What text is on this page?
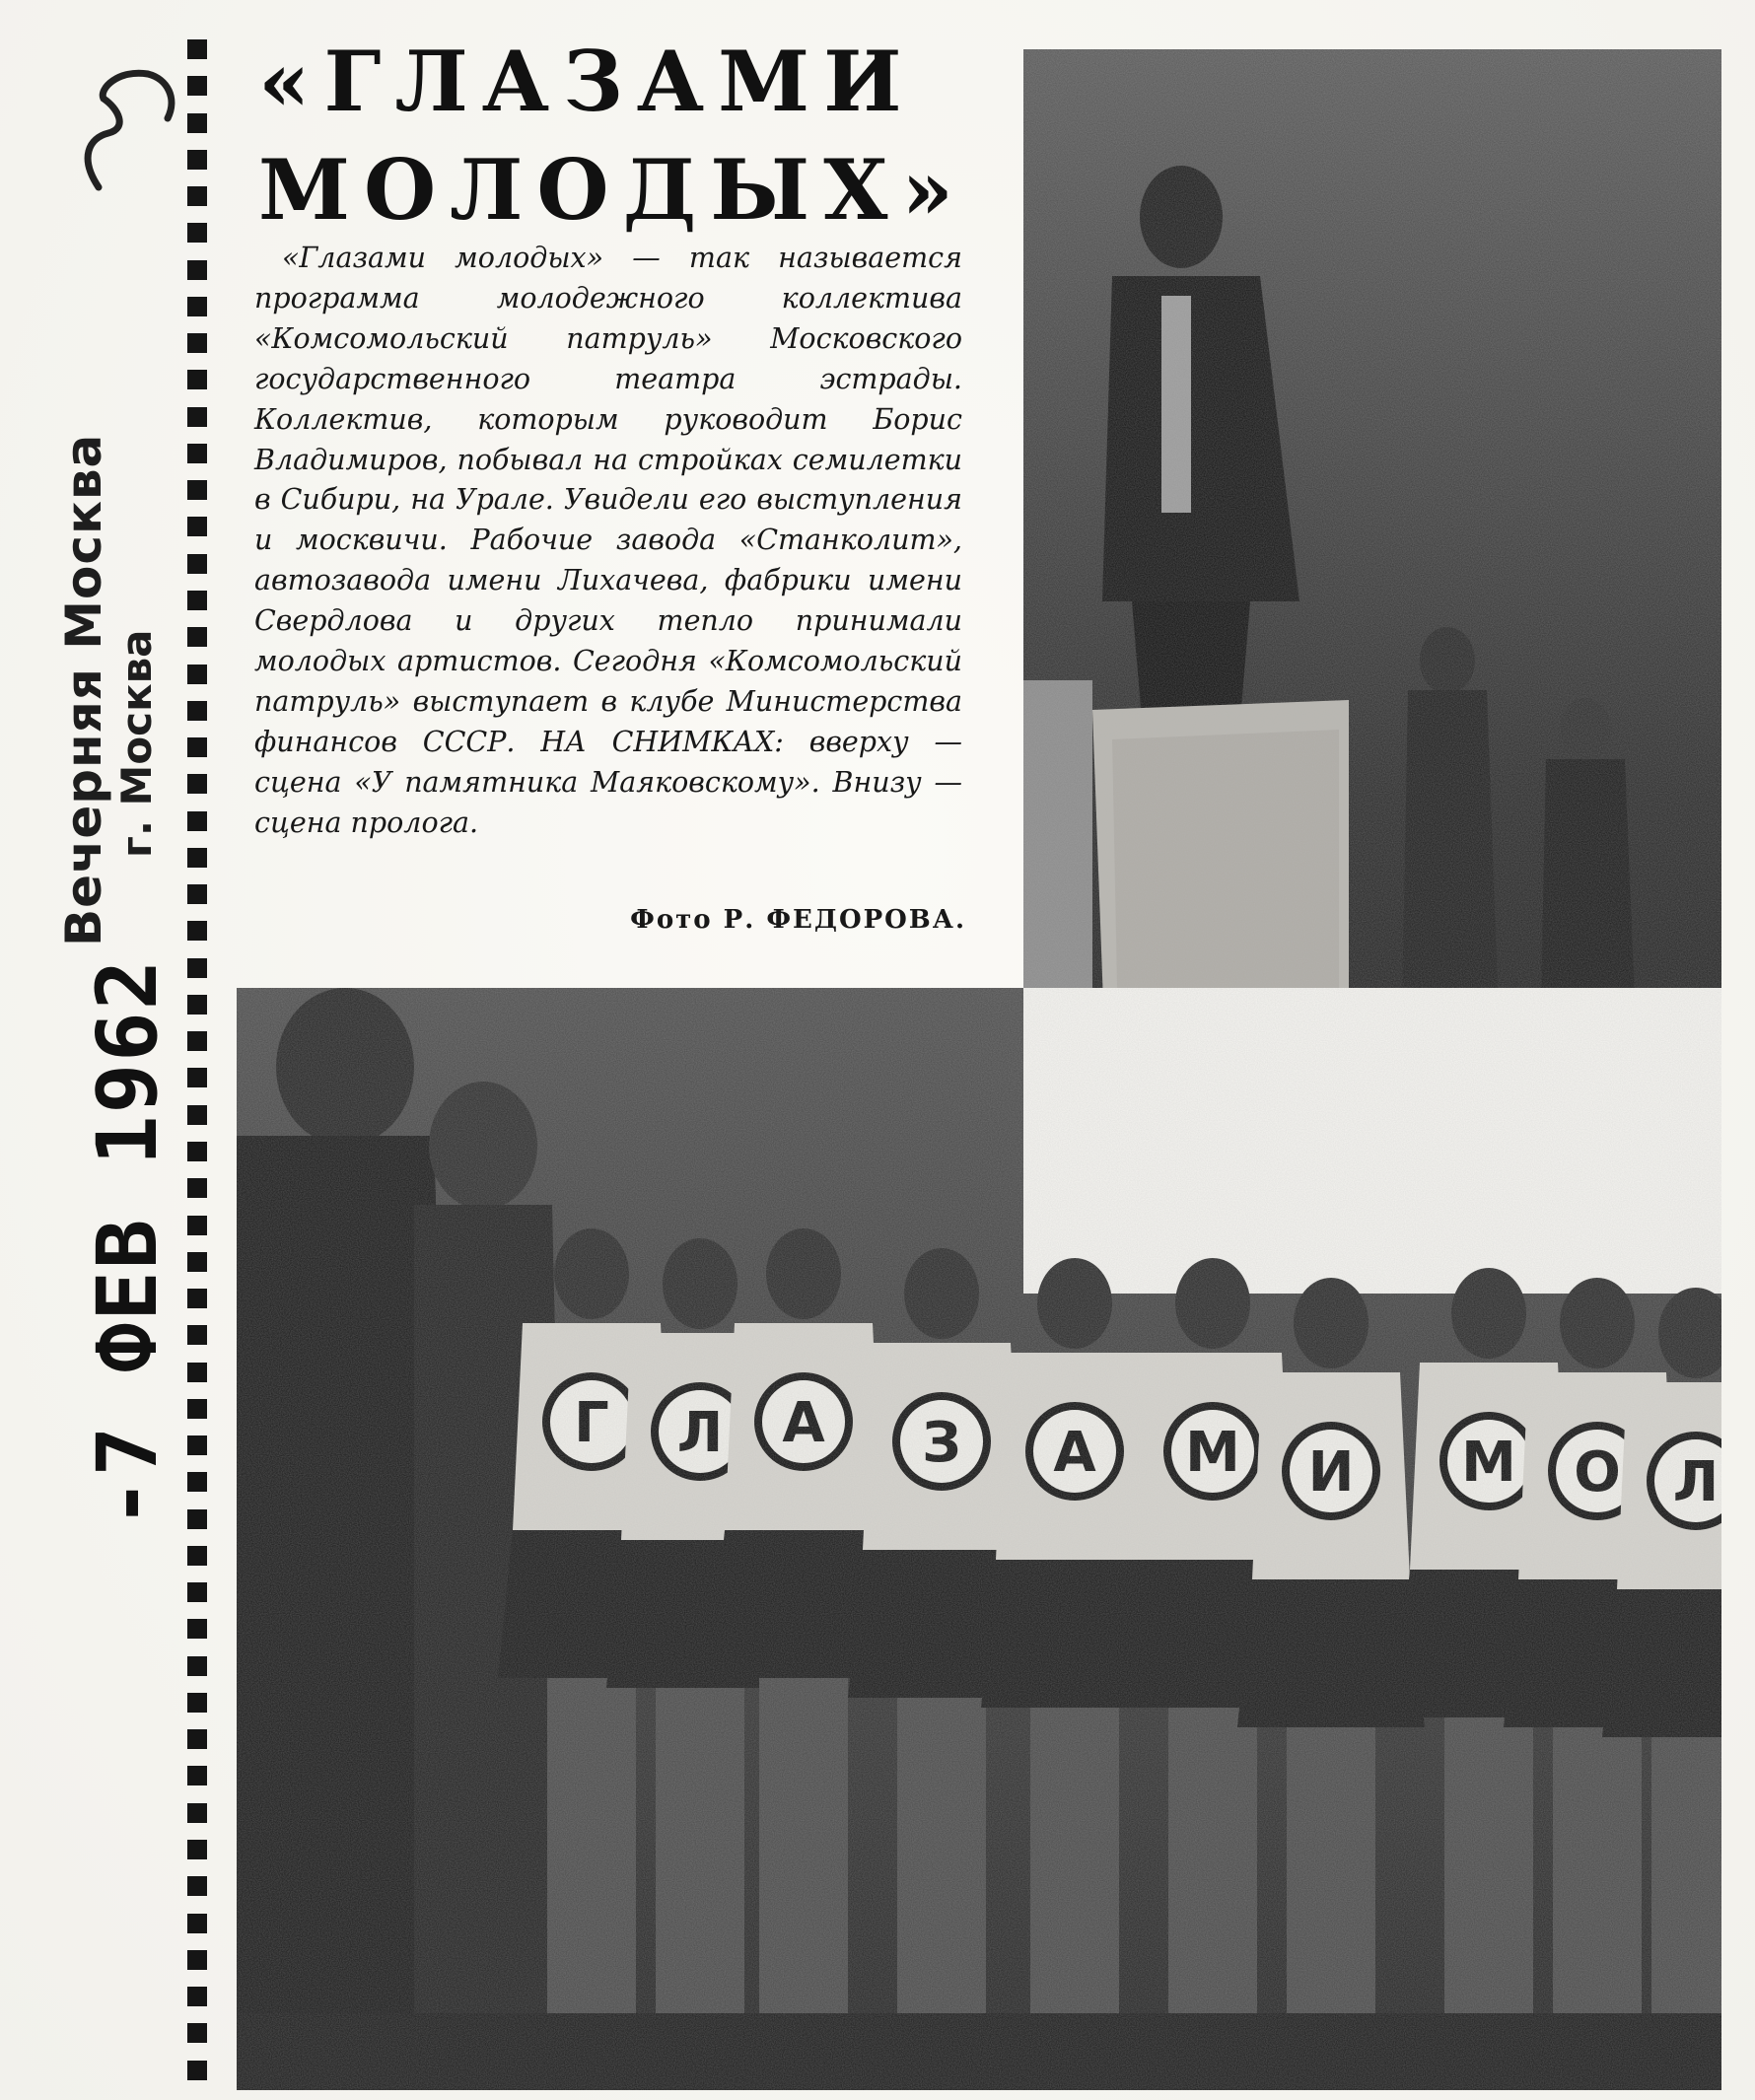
Вечерняя Москва г. Москва
-7 ФЕВ 1962
«ГЛАЗАМИ
МОЛОДЫХ»

«Глазами молодых» — так называется программа молодежного коллектива «Комсомольский патруль» Московского государственного театра эстрады. Коллектив, которым руководит Борис Владимиров, побывал на стройках семилетки в Сибири, на Урале. Увидели его выступления и москвичи. Рабочие завода «Станколит», автозавода имени Лихачева, фабрики имени Свердлова и других тепло принимали молодых артистов. Сегодня «Комсомольский патруль» выступает в клубе Министерства финансов СССР. НА СНИМКАХ: вверху — сцена «У памятника Маяковскому». Внизу — сцена пролога.

Фото Р. ФЕДОРОВА.
